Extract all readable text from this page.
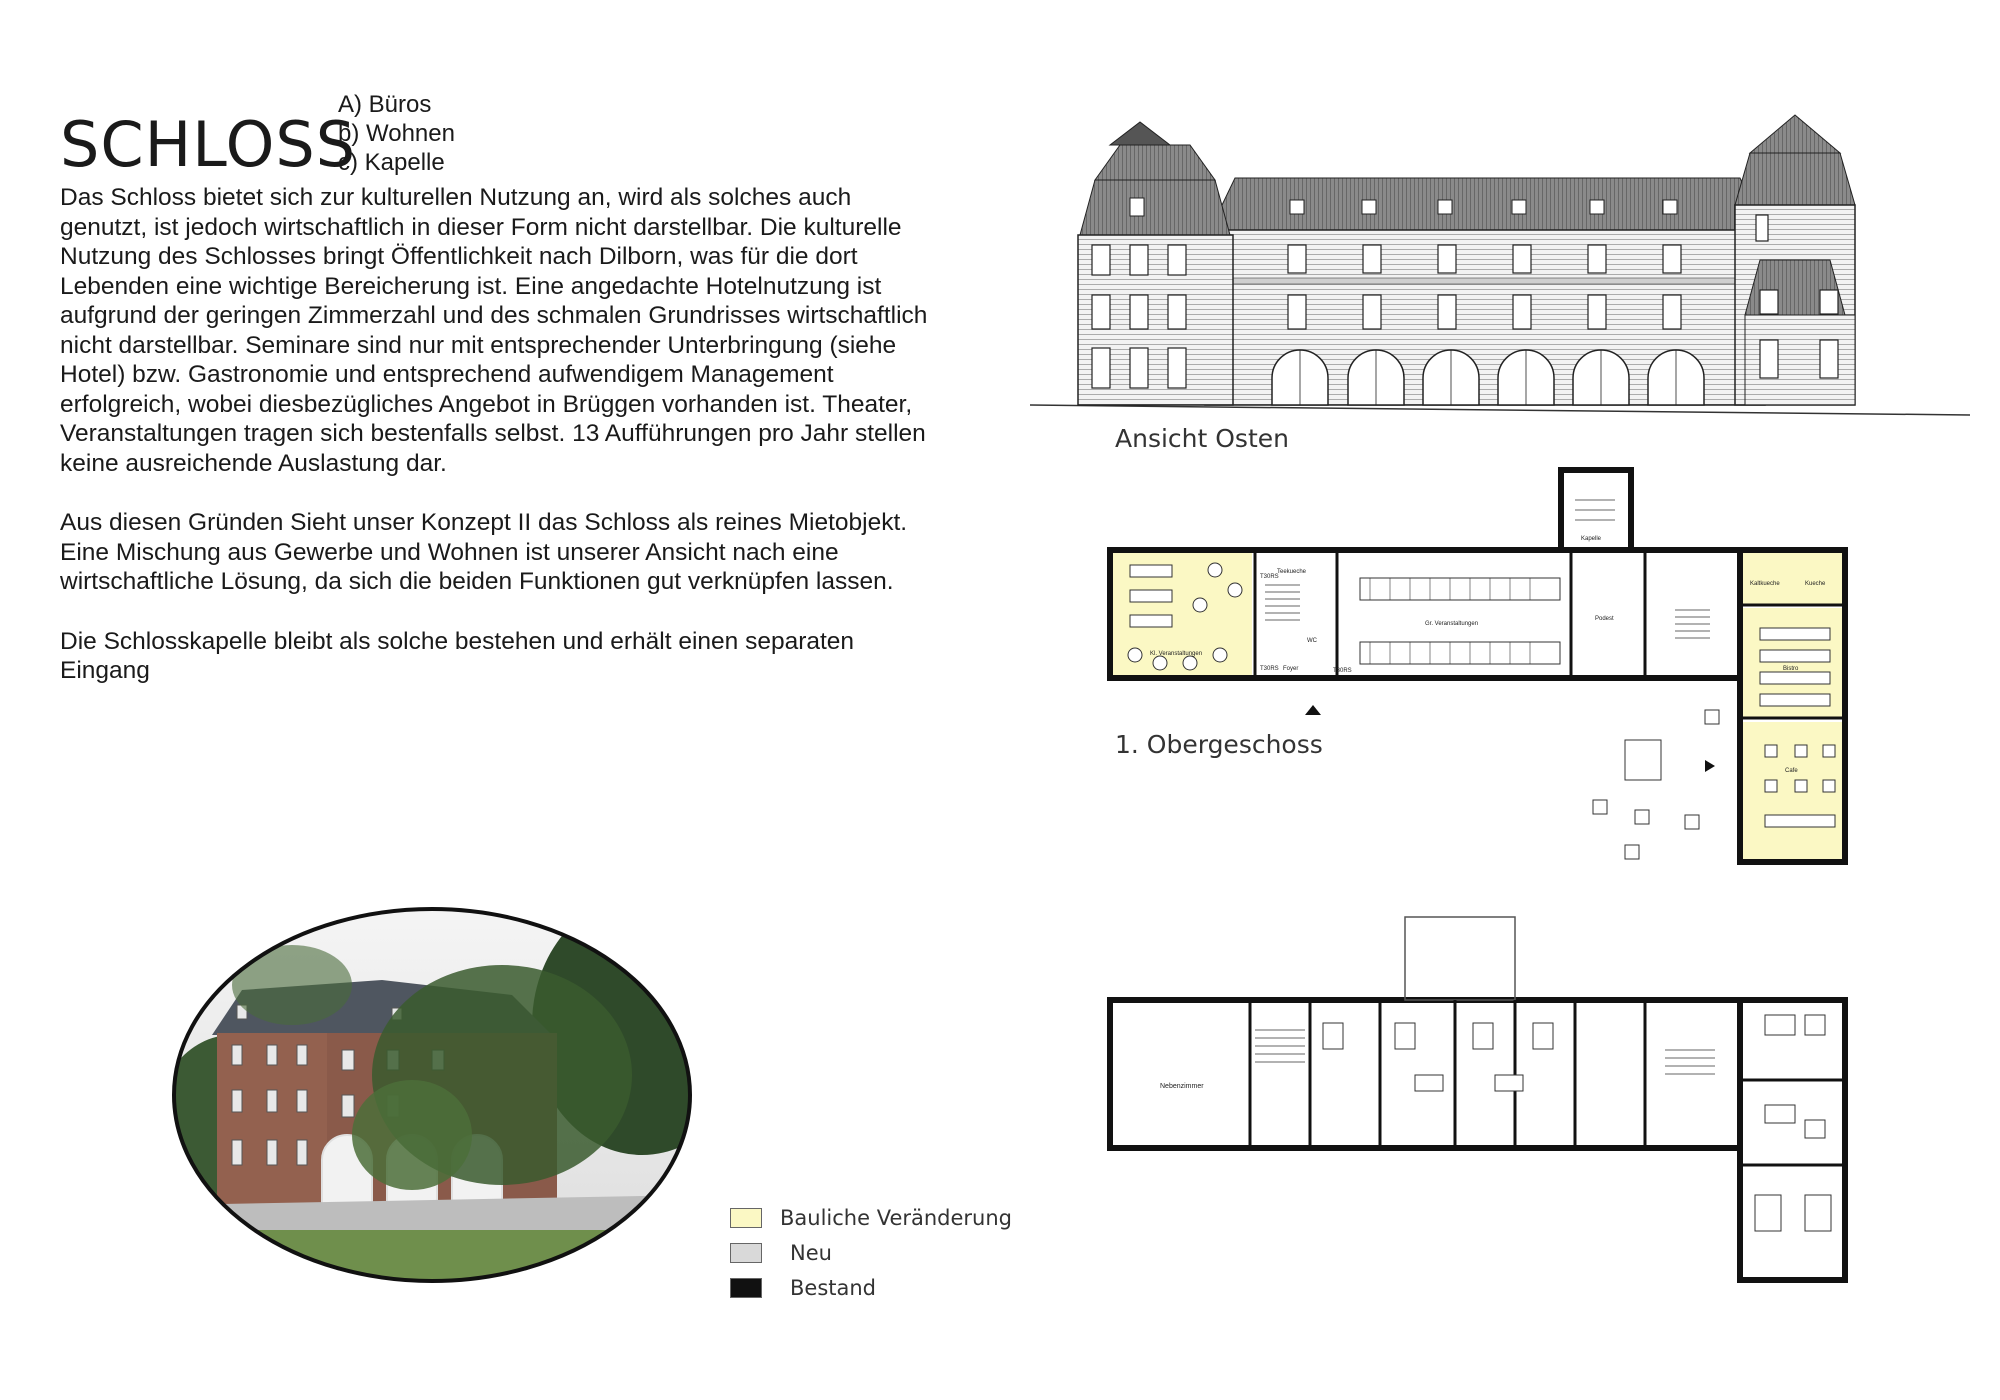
SCHLOSS
A) Büros
b) Wohnen
c) Kapelle

Das Schloss bietet sich zur kulturellen Nutzung an, wird als solches auch genutzt, ist jedoch wirtschaftlich in dieser Form nicht darstellbar. Die kulturelle Nutzung des Schlosses bringt Öffentlichkeit nach Dilborn, was für die dort Lebenden eine wichtige Bereicherung ist. Eine angedachte Hotelnutzung ist aufgrund der geringen Zimmerzahl und des schmalen Grundrisses wirtschaftlich nicht darstellbar. Seminare sind nur mit entsprechender Unterbringung (siehe Hotel) bzw. Gastronomie und entsprechend aufwendigem Management erfolgreich, wobei diesbezügliches Angebot in Brüggen vorhanden ist. Theater, Veranstaltungen tragen sich bestenfalls selbst. 13 Aufführungen pro Jahr stellen keine ausreichende Auslastung dar.

Aus diesen Gründen Sieht unser Konzept II das Schloss als reines Mietobjekt. Eine Mischung aus Gewerbe und Wohnen ist unserer Ansicht nach eine wirtschaftliche Lösung, da sich die beiden Funktionen gut verknüpfen lassen.

Die Schlosskapelle bleibt als solche bestehen und erhält einen separaten Eingang

Ansicht Osten
Kl. Veranstaltungen
Gr. Veranstaltungen
Podest
Kapelle
Kaltkueche	Kueche
Bistro
Cafe
Foyer
WC
Teekueche
T30RS
T30RS	T30RS
1. Obergeschoss
Nebenzimmer
Bauliche Veränderung
Neu
Bestand
